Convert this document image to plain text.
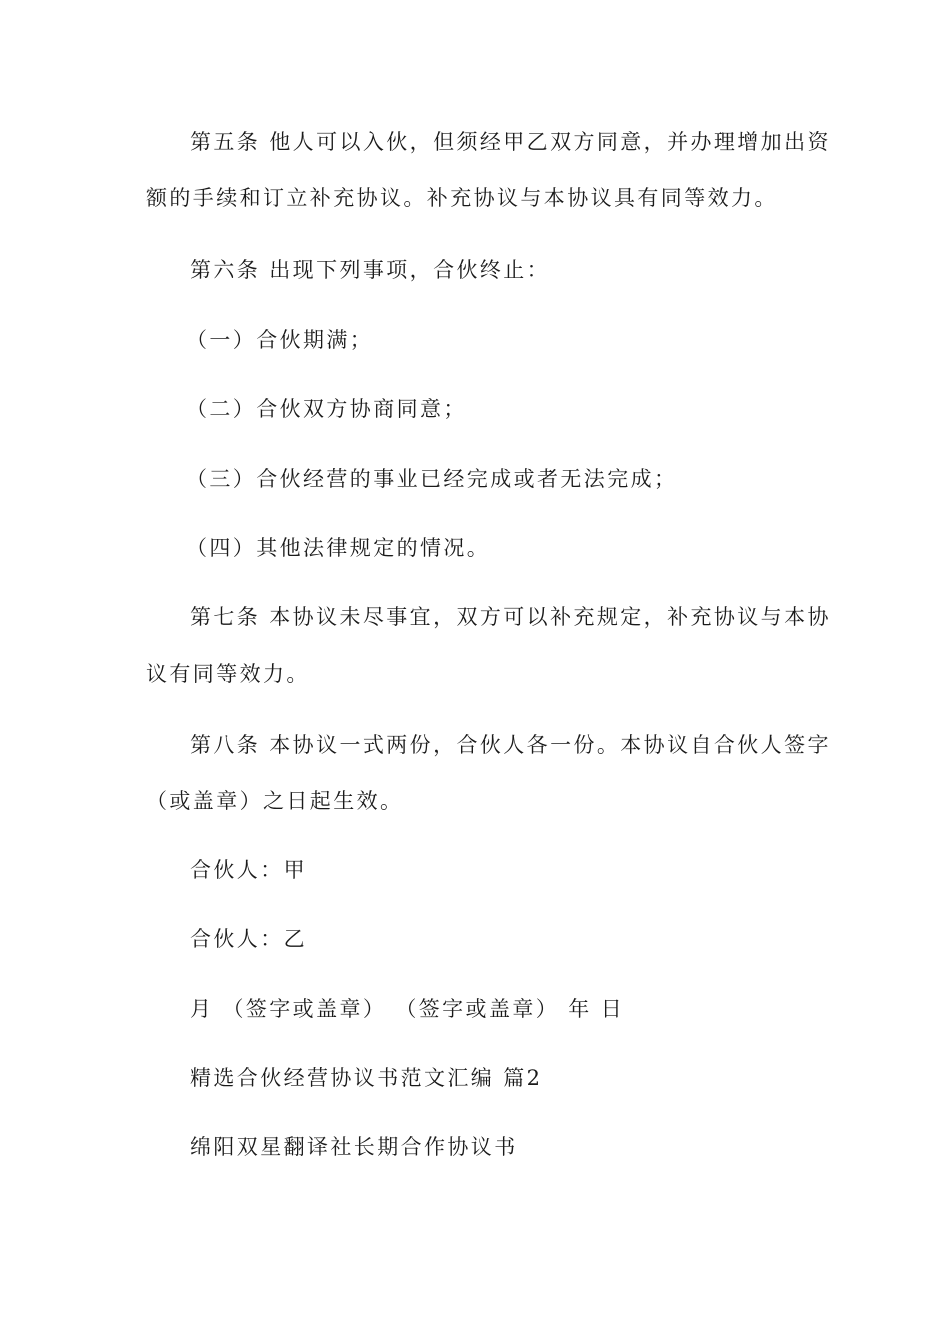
第五条 他人可以入伙，但须经甲乙双方同意，并办理增加出资
额的手续和订立补充协议。补充协议与本协议具有同等效力。
第六条 出现下列事项，合伙终止：
（一）合伙期满；
（二）合伙双方协商同意；
（三）合伙经营的事业已经完成或者无法完成；
（四）其他法律规定的情况。
第七条 本协议未尽事宜，双方可以补充规定，补充协议与本协
议有同等效力。
第八条 本协议一式两份，合伙人各一份。本协议自合伙人签字
（或盖章）之日起生效。
合伙人：甲
合伙人：乙
月 （签字或盖章） （签字或盖章） 年 日
精选合伙经营协议书范文汇编 篇2
绵阳双星翻译社长期合作协议书
